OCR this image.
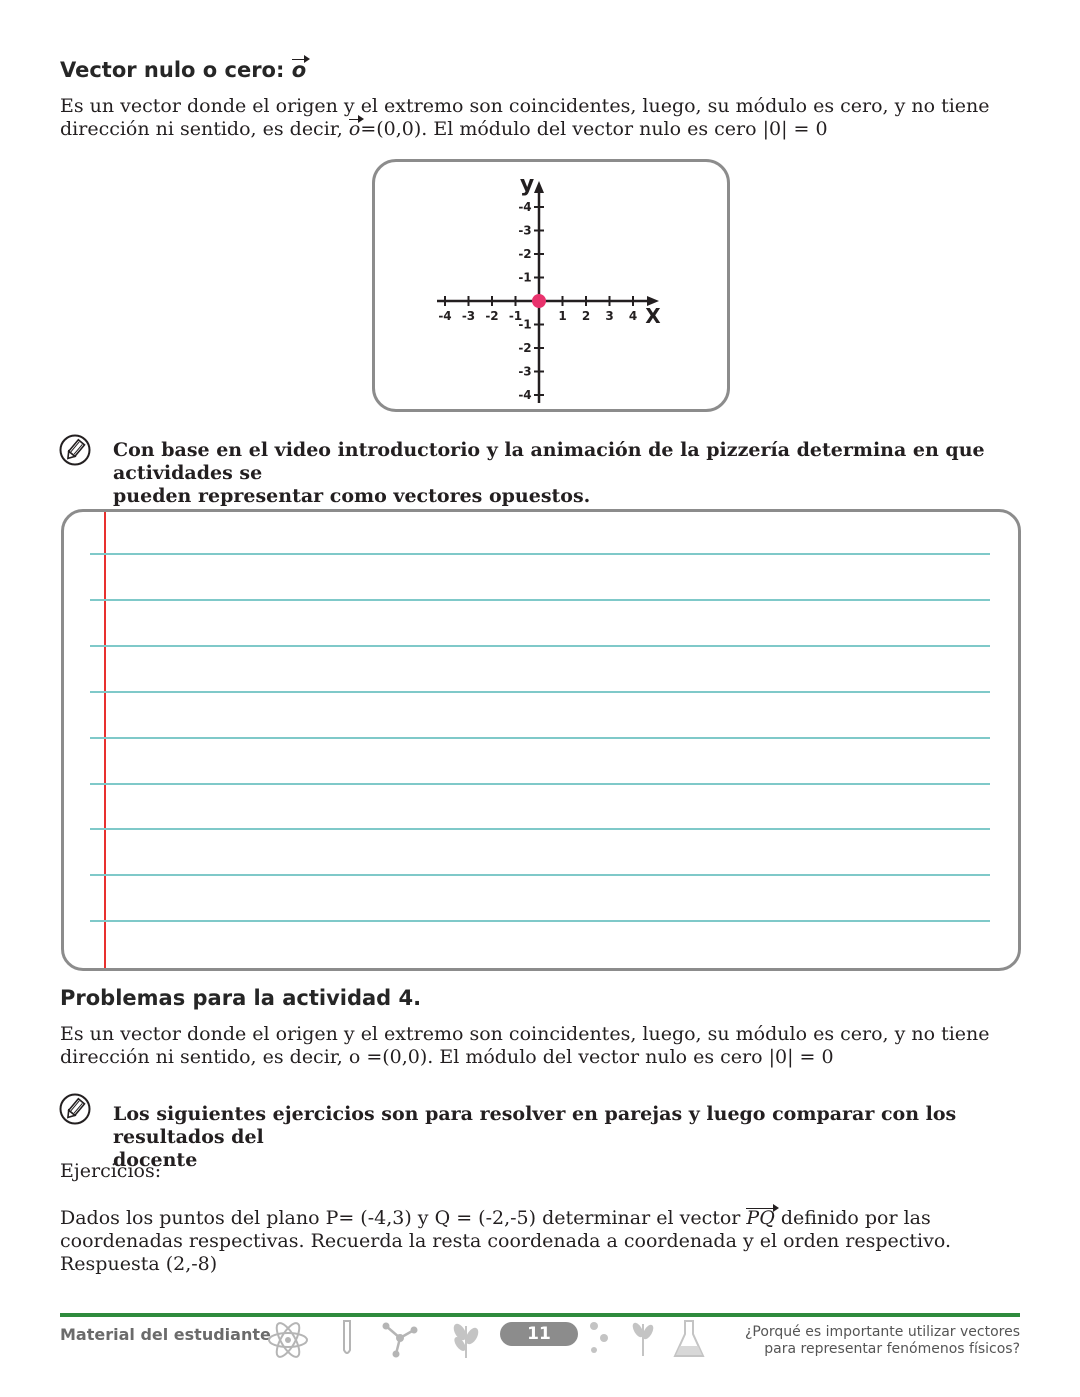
Vector nulo o cero: o
Es un vector donde el origen y el extremo son coincidentes, luego, su módulo es cero, y no tiene
dirección ni sentido, es decir, o=(0,0). El módulo del vector nulo es cero |0| = 0
-4 -3 -2 -1	1 2 3 4
-4
-3
-2
-1
-1
-2
-3
-4
X
y
Con base en el video introductorio y la animación de la pizzería determina en que actividades se
pueden representar como vectores opuestos.
Problemas para la actividad 4.
Es un vector donde el origen y el extremo son coincidentes, luego, su módulo es cero, y no tiene
dirección ni sentido, es decir, o =(0,0). El módulo del vector nulo es cero |0| = 0
Los siguientes ejercicios son para resolver en parejas y luego comparar con los resultados del
docente
Ejercicios:
Dados los puntos del plano P= (-4,3) y Q = (-2,-5) determinar el vector PQ definido por las
coordenadas respectivas. Recuerda la resta coordenada a coordenada y el orden respectivo.
Respuesta (2,-8)
Material del estudiante	11	¿Porqué es importante utilizar vectores
para representar fenómenos físicos?
